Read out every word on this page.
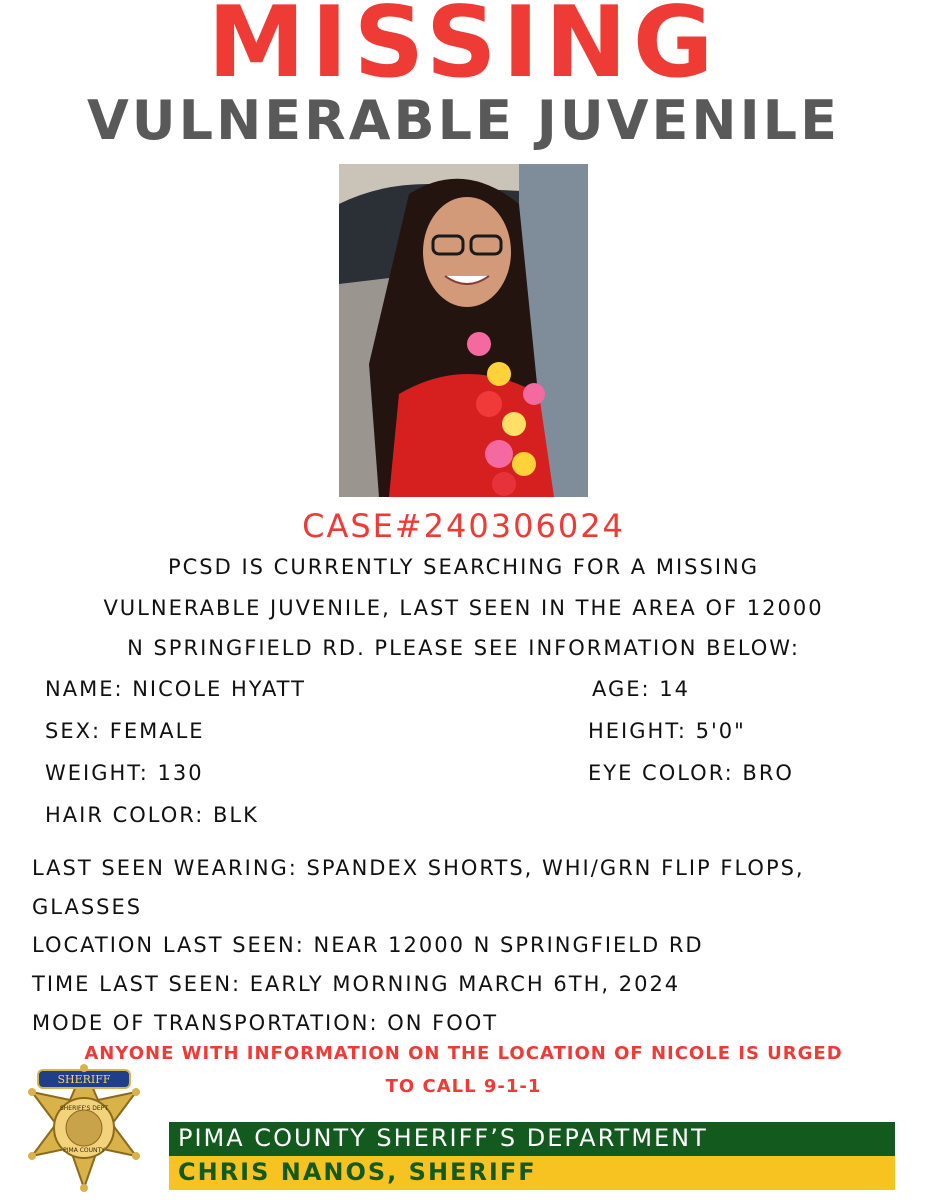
MISSING
VULNERABLE JUVENILE
CASE#240306024
PCSD IS CURRENTLY SEARCHING FOR A MISSING
VULNERABLE JUVENILE, LAST SEEN IN THE AREA OF 12000
N SPRINGFIELD RD. PLEASE SEE INFORMATION BELOW:
NAME: NICOLE HYATT	AGE: 14
SEX: FEMALE	HEIGHT: 5'0"
WEIGHT: 130	EYE COLOR: BRO
HAIR COLOR: BLK
LAST SEEN WEARING: SPANDEX SHORTS, WHI/GRN FLIP FLOPS,
GLASSES
LOCATION LAST SEEN: NEAR 12000 N SPRINGFIELD RD
TIME LAST SEEN: EARLY MORNING MARCH 6TH, 2024
MODE OF TRANSPORTATION: ON FOOT
ANYONE WITH INFORMATION ON THE LOCATION OF NICOLE IS URGED
TO CALL 9-1-1
SHERIFF
SHERIFF'S DEPT
PIMA COUNTY	PIMA COUNTY SHERIFF’S DEPARTMENT
CHRIS NANOS, SHERIFF
